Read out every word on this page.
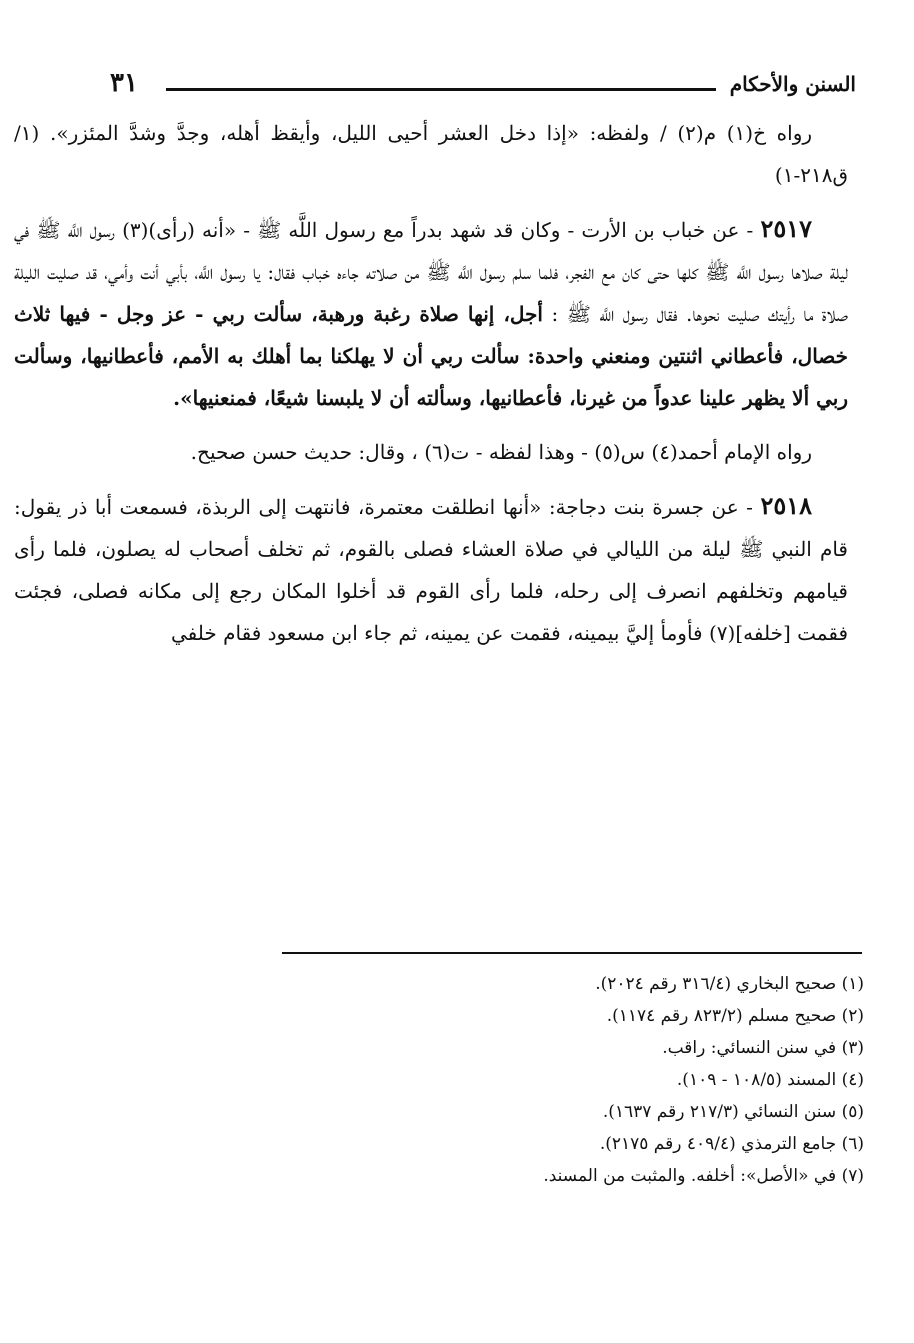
٣١	السنن والأحكام

رواه خ(١) م(٢) / ولفظه: «إذا دخل العشر أحيى الليل، وأيقظ أهله، وجدَّ وشدَّ المئزر». (١/ق٢١٨-١)

٢٥١٧ - عن خباب بن الأرت - وكان قد شهد بدراً مع رسول اللَّه ﷺ - «أنه (رأى)(٣) رسول اللَّه ﷺ في ليلة صلاها رسول اللَّه ﷺ كلها حتى كان مع الفجر، فلما سلم رسول اللَّه ﷺ من صلاته جاءه خباب فقال: يا رسول اللَّه، بأبي أنت وأمي، قد صليت الليلة صلاة ما رأيتك صليت نحوها. فقال رسول اللَّه ﷺ : أجل، إنها صلاة رغبة ورهبة، سألت ربي - عز وجل - فيها ثلاث خصال، فأعطاني اثنتين ومنعني واحدة: سألت ربي أن لا يهلكنا بما أهلك به الأمم، فأعطانيها، وسألت ربي ألا يظهر علينا عدواً من غيرنا، فأعطانيها، وسألته أن لا يلبسنا شيعًا، فمنعنيها».

رواه الإمام أحمد(٤) س(٥) - وهذا لفظه - ت(٦) ، وقال: حديث حسن صحيح.

٢٥١٨ - عن جسرة بنت دجاجة: «أنها انطلقت معتمرة، فانتهت إلى الربذة، فسمعت أبا ذر يقول: قام النبي ﷺ ليلة من الليالي في صلاة العشاء فصلى بالقوم، ثم تخلف أصحاب له يصلون، فلما رأى قيامهم وتخلفهم انصرف إلى رحله، فلما رأى القوم قد أخلوا المكان رجع إلى مكانه فصلى، فجئت فقمت [خلفه](٧) فأومأ إليَّ بيمينه، فقمت عن يمينه، ثم جاء ابن مسعود فقام خلفي

(١) صحيح البخاري (٣١٦/٤ رقم ٢٠٢٤).
(٢) صحيح مسلم (٨٢٣/٢ رقم ١١٧٤).
(٣) في سنن النسائي: راقب.
(٤) المسند (١٠٨/٥ - ١٠٩).
(٥) سنن النسائي (٢١٧/٣ رقم ١٦٣٧).
(٦) جامع الترمذي (٤٠٩/٤ رقم ٢١٧٥).
(٧) في «الأصل»: أخلفه. والمثبت من المسند.
